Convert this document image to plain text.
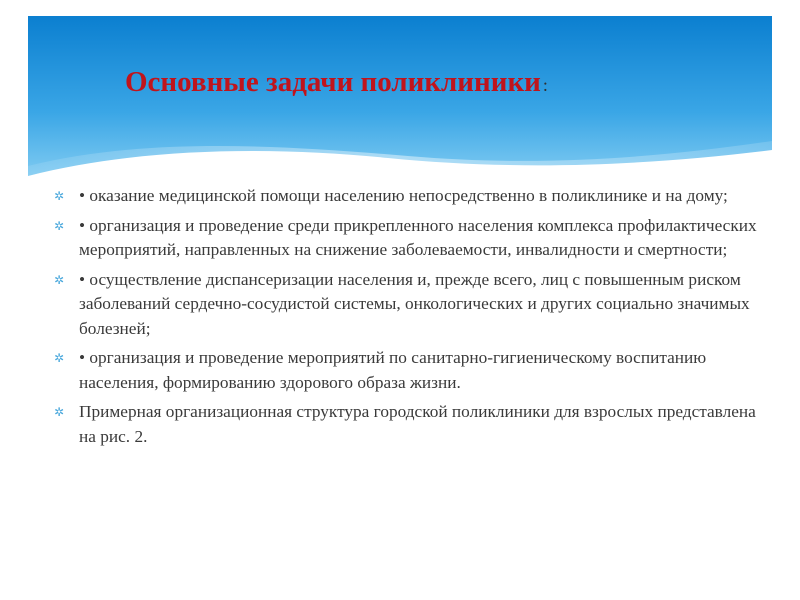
Основные задачи поликлиники :
✲ • оказание медицинской помощи населению непосредственно в поликлинике и на дому;
✲ • организация и проведение среди прикрепленного населения комплекса профилактических мероприятий, направленных на снижение заболеваемости, инвалидности и смертности;
✲ • осуществление диспансеризации населения и, прежде всего, лиц с повышенным риском заболеваний сердечно-сосудистой системы, онкологических и других социально значимых болезней;
✲ • организация и проведение мероприятий по санитарно-гигиеническому воспитанию населения, формированию здорового образа жизни.
✲ Примерная организационная структура городской поликлиники для взрослых представлена на рис. 2.
